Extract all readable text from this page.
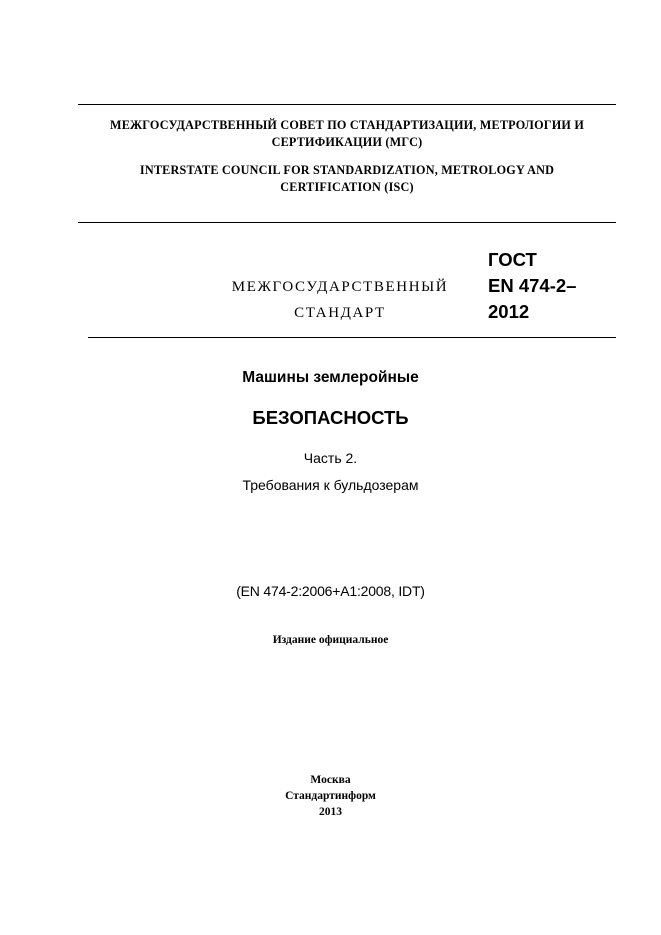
МЕЖГОСУДАРСТВЕННЫЙ СОВЕТ ПО СТАНДАРТИЗАЦИИ, МЕТРОЛОГИИ И СЕРТИФИКАЦИИ (МГС)
INTERSTATE COUNCIL FOR STANDARDIZATION, METROLOGY AND CERTIFICATION (ISC)
МЕЖГОСУДАРСТВЕННЫЙ
СТАНДАРТ
ГОСТ
EN 474-2–
2012
Машины землеройные
БЕЗОПАСНОСТЬ
Часть 2.
Требования к бульдозерам
(EN 474-2:2006+A1:2008, IDT)
Издание официальное
Москва
Стандартинформ
2013
